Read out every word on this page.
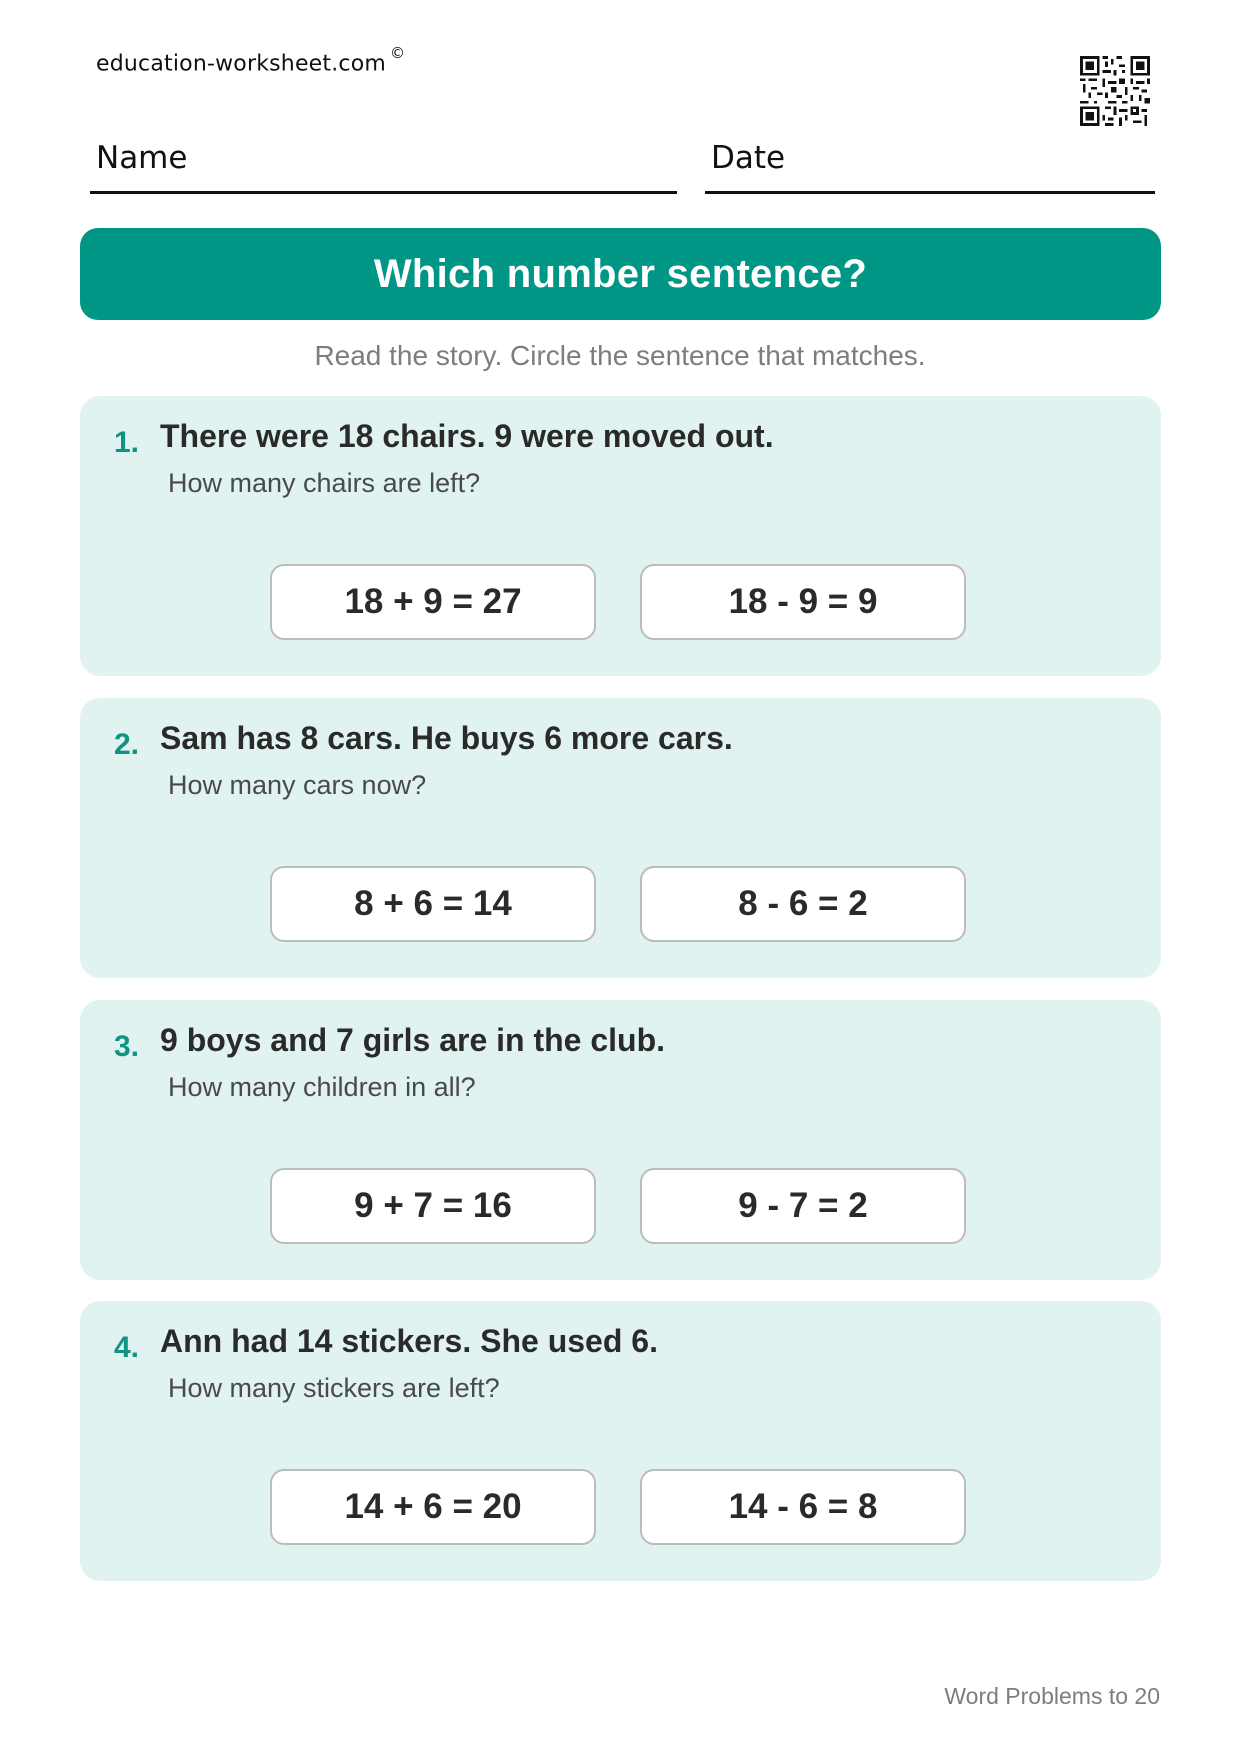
education-worksheet.com ©
Name	Date
Which number sentence?
Read the story. Circle the sentence that matches.
1. There were 18 chairs. 9 were moved out.
How many chairs are left?
18 + 9 = 27	18 - 9 = 9
2. Sam has 8 cars. He buys 6 more cars.
How many cars now?
8 + 6 = 14	8 - 6 = 2
3. 9 boys and 7 girls are in the club.
How many children in all?
9 + 7 = 16	9 - 7 = 2
4. Ann had 14 stickers. She used 6.
How many stickers are left?
14 + 6 = 20	14 - 6 = 8
Word Problems to 20
